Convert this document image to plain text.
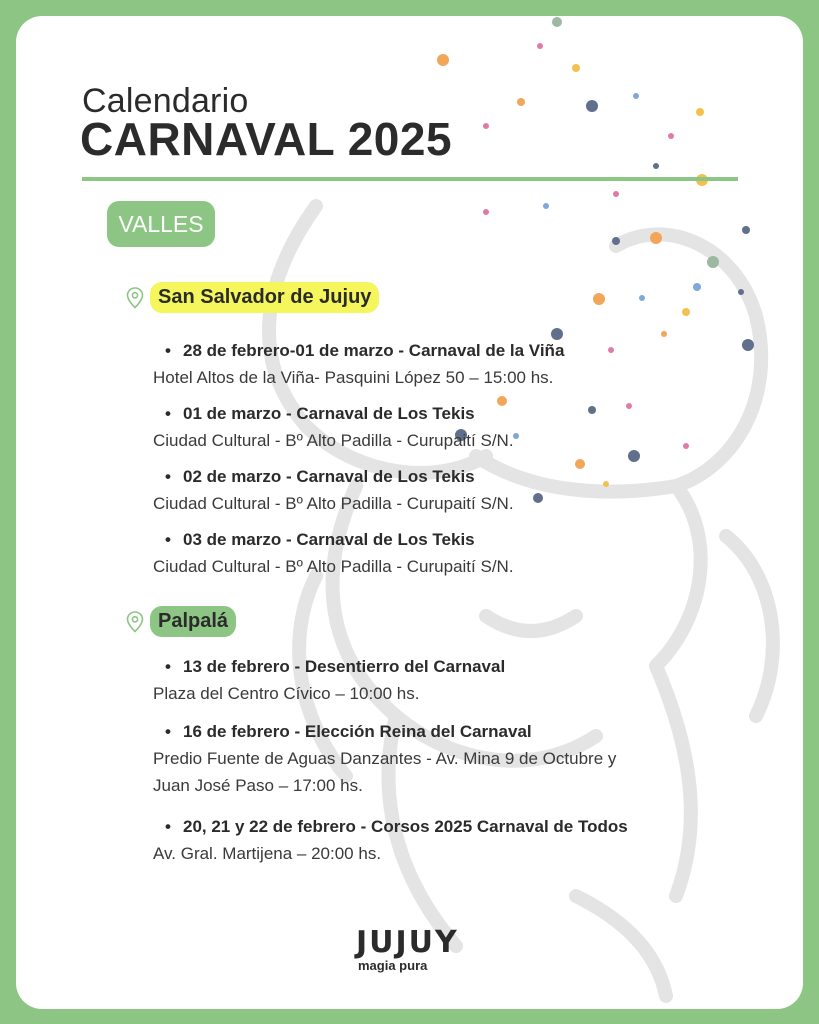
Calendario
CARNAVAL 2025
VALLES
San Salvador de Jujuy
• 28 de febrero-01 de marzo - Carnaval de la Viña
Hotel Altos de la Viña- Pasquini López 50 – 15:00 hs.
• 01 de marzo - Carnaval de Los Tekis
Ciudad Cultural - Bº Alto Padilla - Curupaití S/N.
• 02 de marzo - Carnaval de Los Tekis
Ciudad Cultural - Bº Alto Padilla - Curupaití S/N.
• 03 de marzo - Carnaval de Los Tekis
Ciudad Cultural - Bº Alto Padilla - Curupaití S/N.
Palpalá
• 13 de febrero - Desentierro del Carnaval
Plaza del Centro Cívico – 10:00 hs.
• 16 de febrero - Elección Reina del Carnaval
Predio Fuente de Aguas Danzantes - Av. Mina 9 de Octubre y
Juan José Paso – 17:00 hs.
• 20, 21 y 22 de febrero - Corsos 2025 Carnaval de Todos
Av. Gral. Martijena – 20:00 hs.
JUJUY
magia pura
